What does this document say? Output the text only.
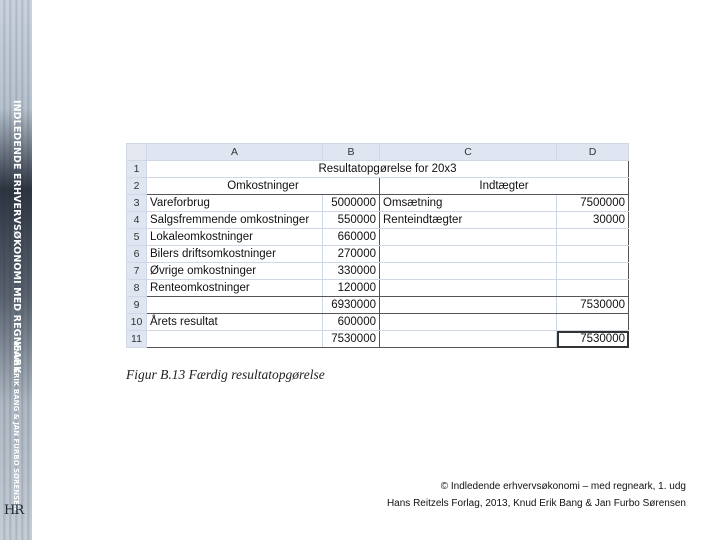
INDLEDENDE ERHVERVSØKONOMI MED REGNEARK
KNUD ERIK BANG & JAN FURBO SØRENSEN
HR
	A	B	C	D
1	Resultatopgørelse for 20x3			
2	Omkostninger		Indtægter	
3	Vareforbrug	5000000	Omsætning	7500000
4	Salgsfremmende omkostninger	550000	Renteindtægter	30000
5	Lokaleomkostninger	660000		
6	Bilers driftsomkostninger	270000		
7	Øvrige omkostninger	330000		
8	Renteomkostninger	120000		
9		6930000		7530000
10	Årets resultat	600000		
11		7530000		7530000
Figur B.13 Færdig resultatopgørelse
© Indledende erhvervsøkonomi – med regneark, 1. udg
Hans Reitzels Forlag, 2013, Knud Erik Bang & Jan Furbo Sørensen
